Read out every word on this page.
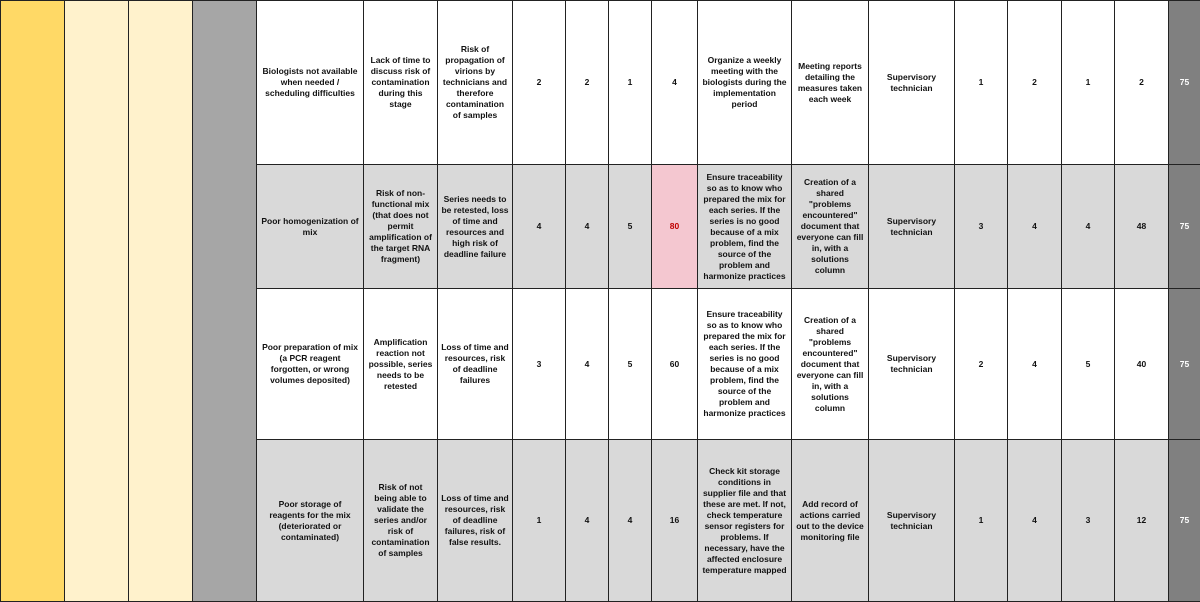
				Biologists not available when needed / scheduling difficulties	Lack of time to discuss risk of contamination during this stage	Risk of propagation of virions by technicians and therefore contamination of samples	2	2	1	4	Organize a weekly meeting with the biologists during the implementation period	Meeting reports detailing the measures taken each week	Supervisory technician	1	2	1	2	75
				Poor homogenization of mix	Risk of non-functional mix (that does not permit amplification of the target RNA fragment)	Series needs to be retested, loss of time and resources and high risk of deadline failure	4	4	5	80	Ensure traceability so as to know who prepared the mix for each series. If the series is no good because of a mix problem, find the source of the problem and harmonize practices	Creation of a shared "problems encountered" document that everyone can fill in, with a solutions column	Supervisory technician	3	4	4	48	75
				Poor preparation of mix (a PCR reagent forgotten, or wrong volumes deposited)	Amplification reaction not possible, series needs to be retested	Loss of time and resources, risk of deadline failures	3	4	5	60	Ensure traceability so as to know who prepared the mix for each series. If the series is no good because of a mix problem, find the source of the problem and harmonize practices	Creation of a shared "problems encountered" document that everyone can fill in, with a solutions column	Supervisory technician	2	4	5	40	75
				Poor storage of reagents for the mix (deteriorated or contaminated)	Risk of not being able to validate the series and/or risk of contamination of samples	Loss of time and resources, risk of deadline failures, risk of false results.	1	4	4	16	Check kit storage conditions in supplier file and that these are met. If not, check temperature sensor registers for problems. If necessary, have the affected enclosure temperature mapped	Add record of actions carried out to the device monitoring file	Supervisory technician	1	4	3	12	75
